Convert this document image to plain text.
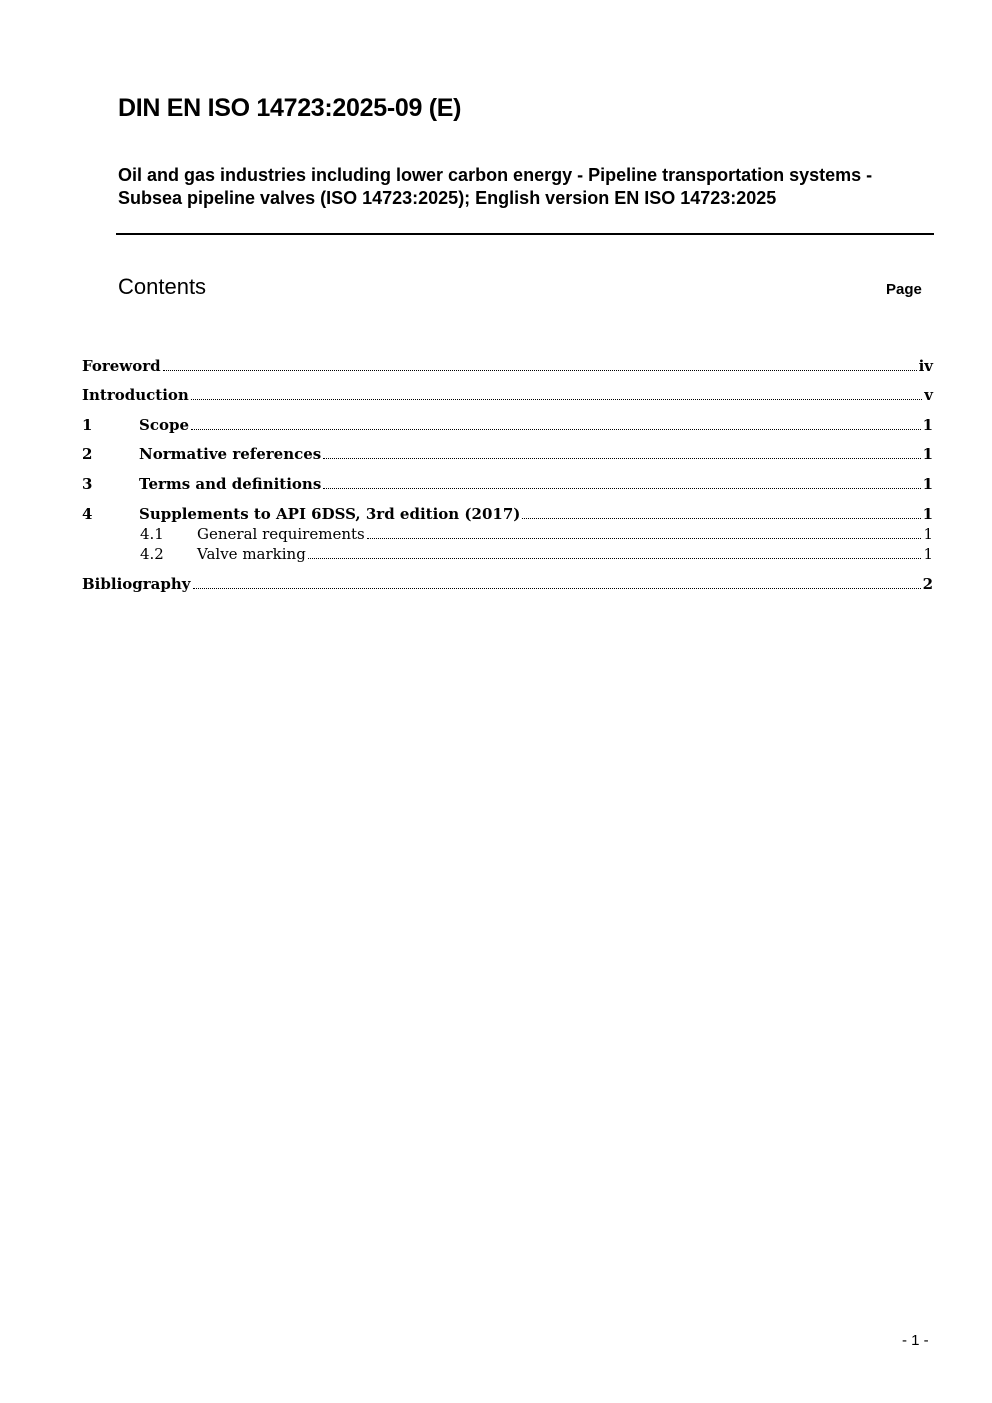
DIN EN ISO 14723:2025-09 (E)
Oil and gas industries including lower carbon energy - Pipeline transportation systems - Subsea pipeline valves (ISO 14723:2025); English version EN ISO 14723:2025
Contents	Page
Foreword	iv
Introduction	v
1	Scope	1
2	Normative references	1
3	Terms and definitions	1
4	Supplements to API 6DSS, 3rd edition (2017)	1
4.1	General requirements	1
4.2	Valve marking	1
Bibliography	2
- 1 -
